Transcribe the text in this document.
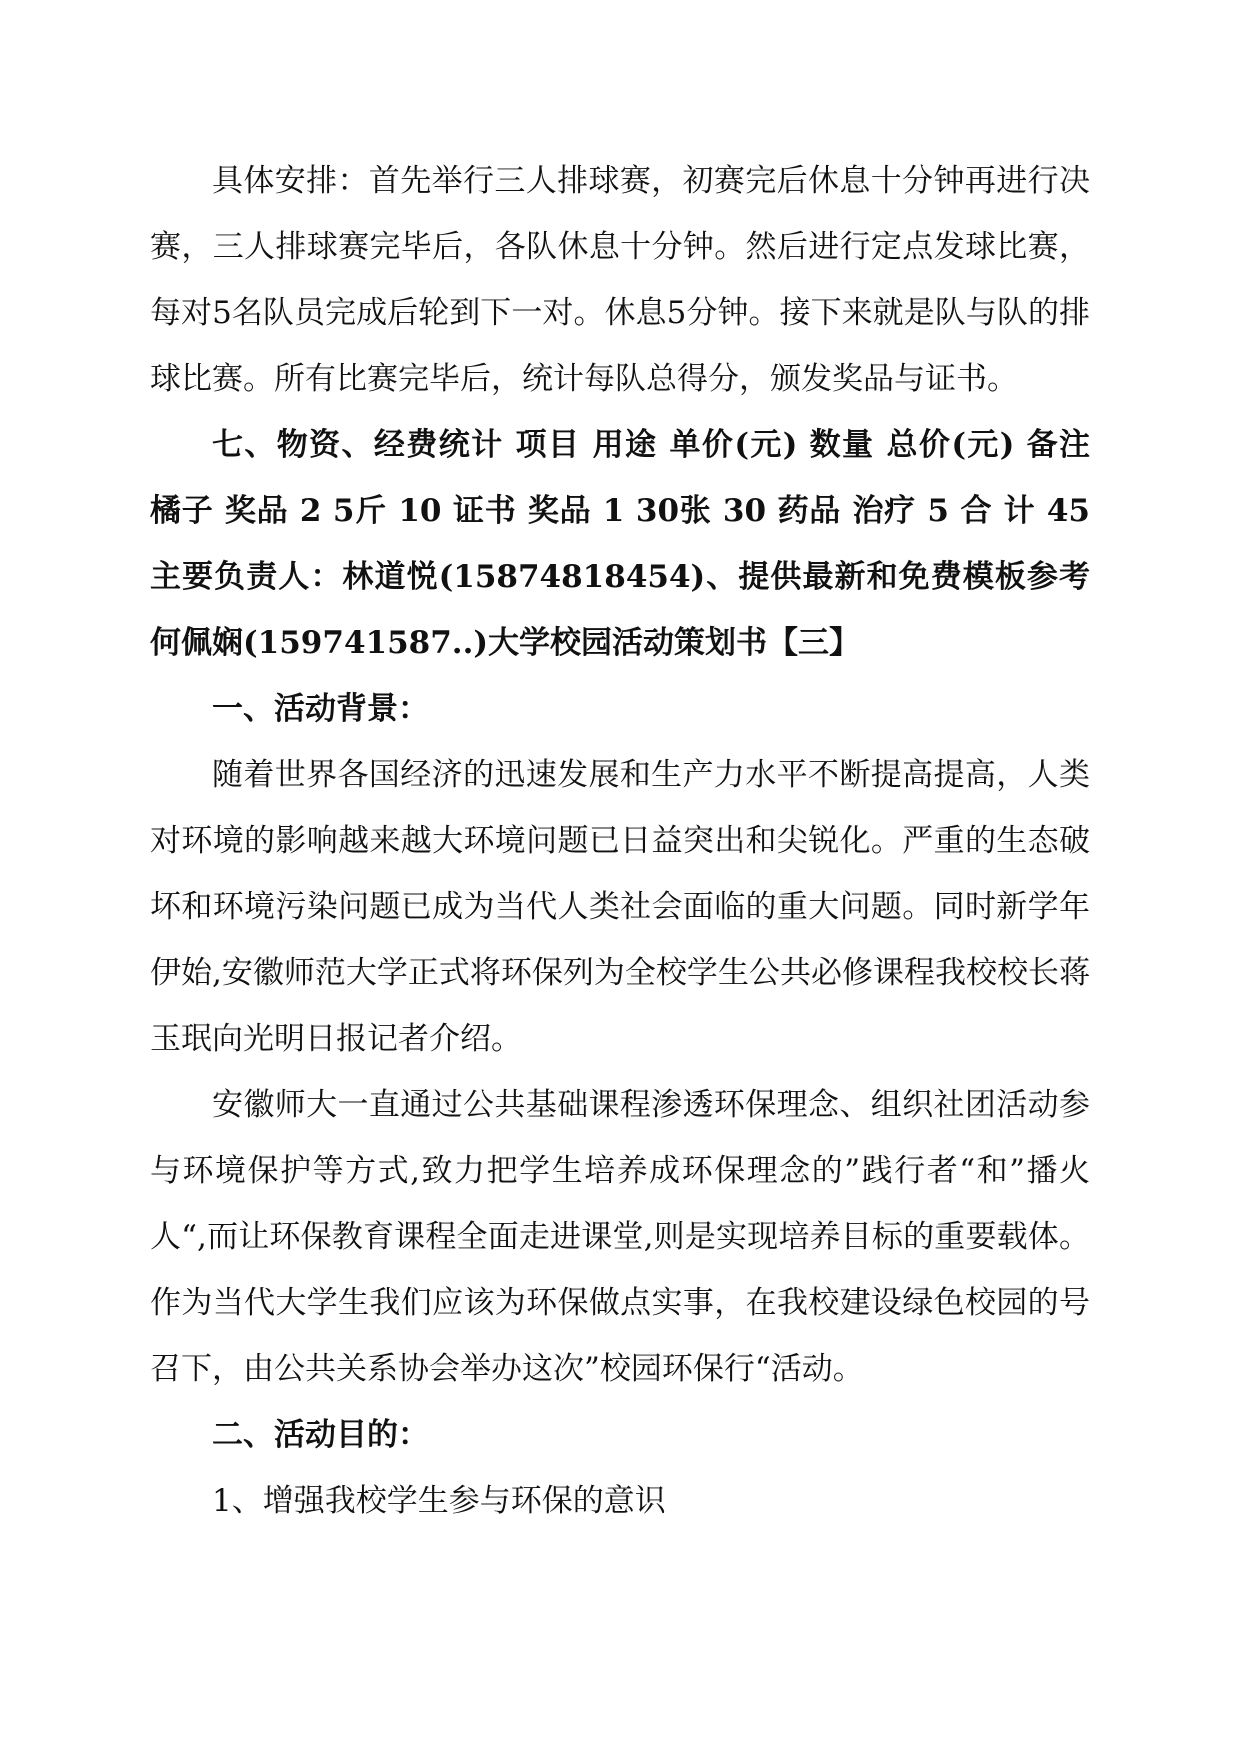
具体安排：首先举行三人排球赛，初赛完后休息十分钟再进行决赛，三人排球赛完毕后，各队休息十分钟。然后进行定点发球比赛，每对5名队员完成后轮到下一对。休息5分钟。接下来就是队与队的排球比赛。所有比赛完毕后，统计每队总得分，颁发奖品与证书。

七、物资、经费统计 项目 用途 单价(元) 数量 总价(元) 备注 橘子 奖品 2 5斤 10 证书 奖品 1 30张 30 药品 治疗 5 合 计 45 主要负责人：林道悦(15874818454)、提供最新和免费模板参考何佩娴(159741587..)大学校园活动策划书【三】

一、活动背景：

随着世界各国经济的迅速发展和生产力水平不断提高提高，人类对环境的影响越来越大环境问题已日益突出和尖锐化。严重的生态破坏和环境污染问题已成为当代人类社会面临的重大问题。同时新学年伊始,安徽师范大学正式将环保列为全校学生公共必修课程我校校长蒋玉珉向光明日报记者介绍。

安徽师大一直通过公共基础课程渗透环保理念、组织社团活动参与环境保护等方式,致力把学生培养成环保理念的”践行者“和”播火人“,而让环保教育课程全面走进课堂,则是实现培养目标的重要载体。作为当代大学生我们应该为环保做点实事，在我校建设绿色校园的号召下，由公共关系协会举办这次”校园环保行“活动。

二、活动目的：

1、增强我校学生参与环保的意识
